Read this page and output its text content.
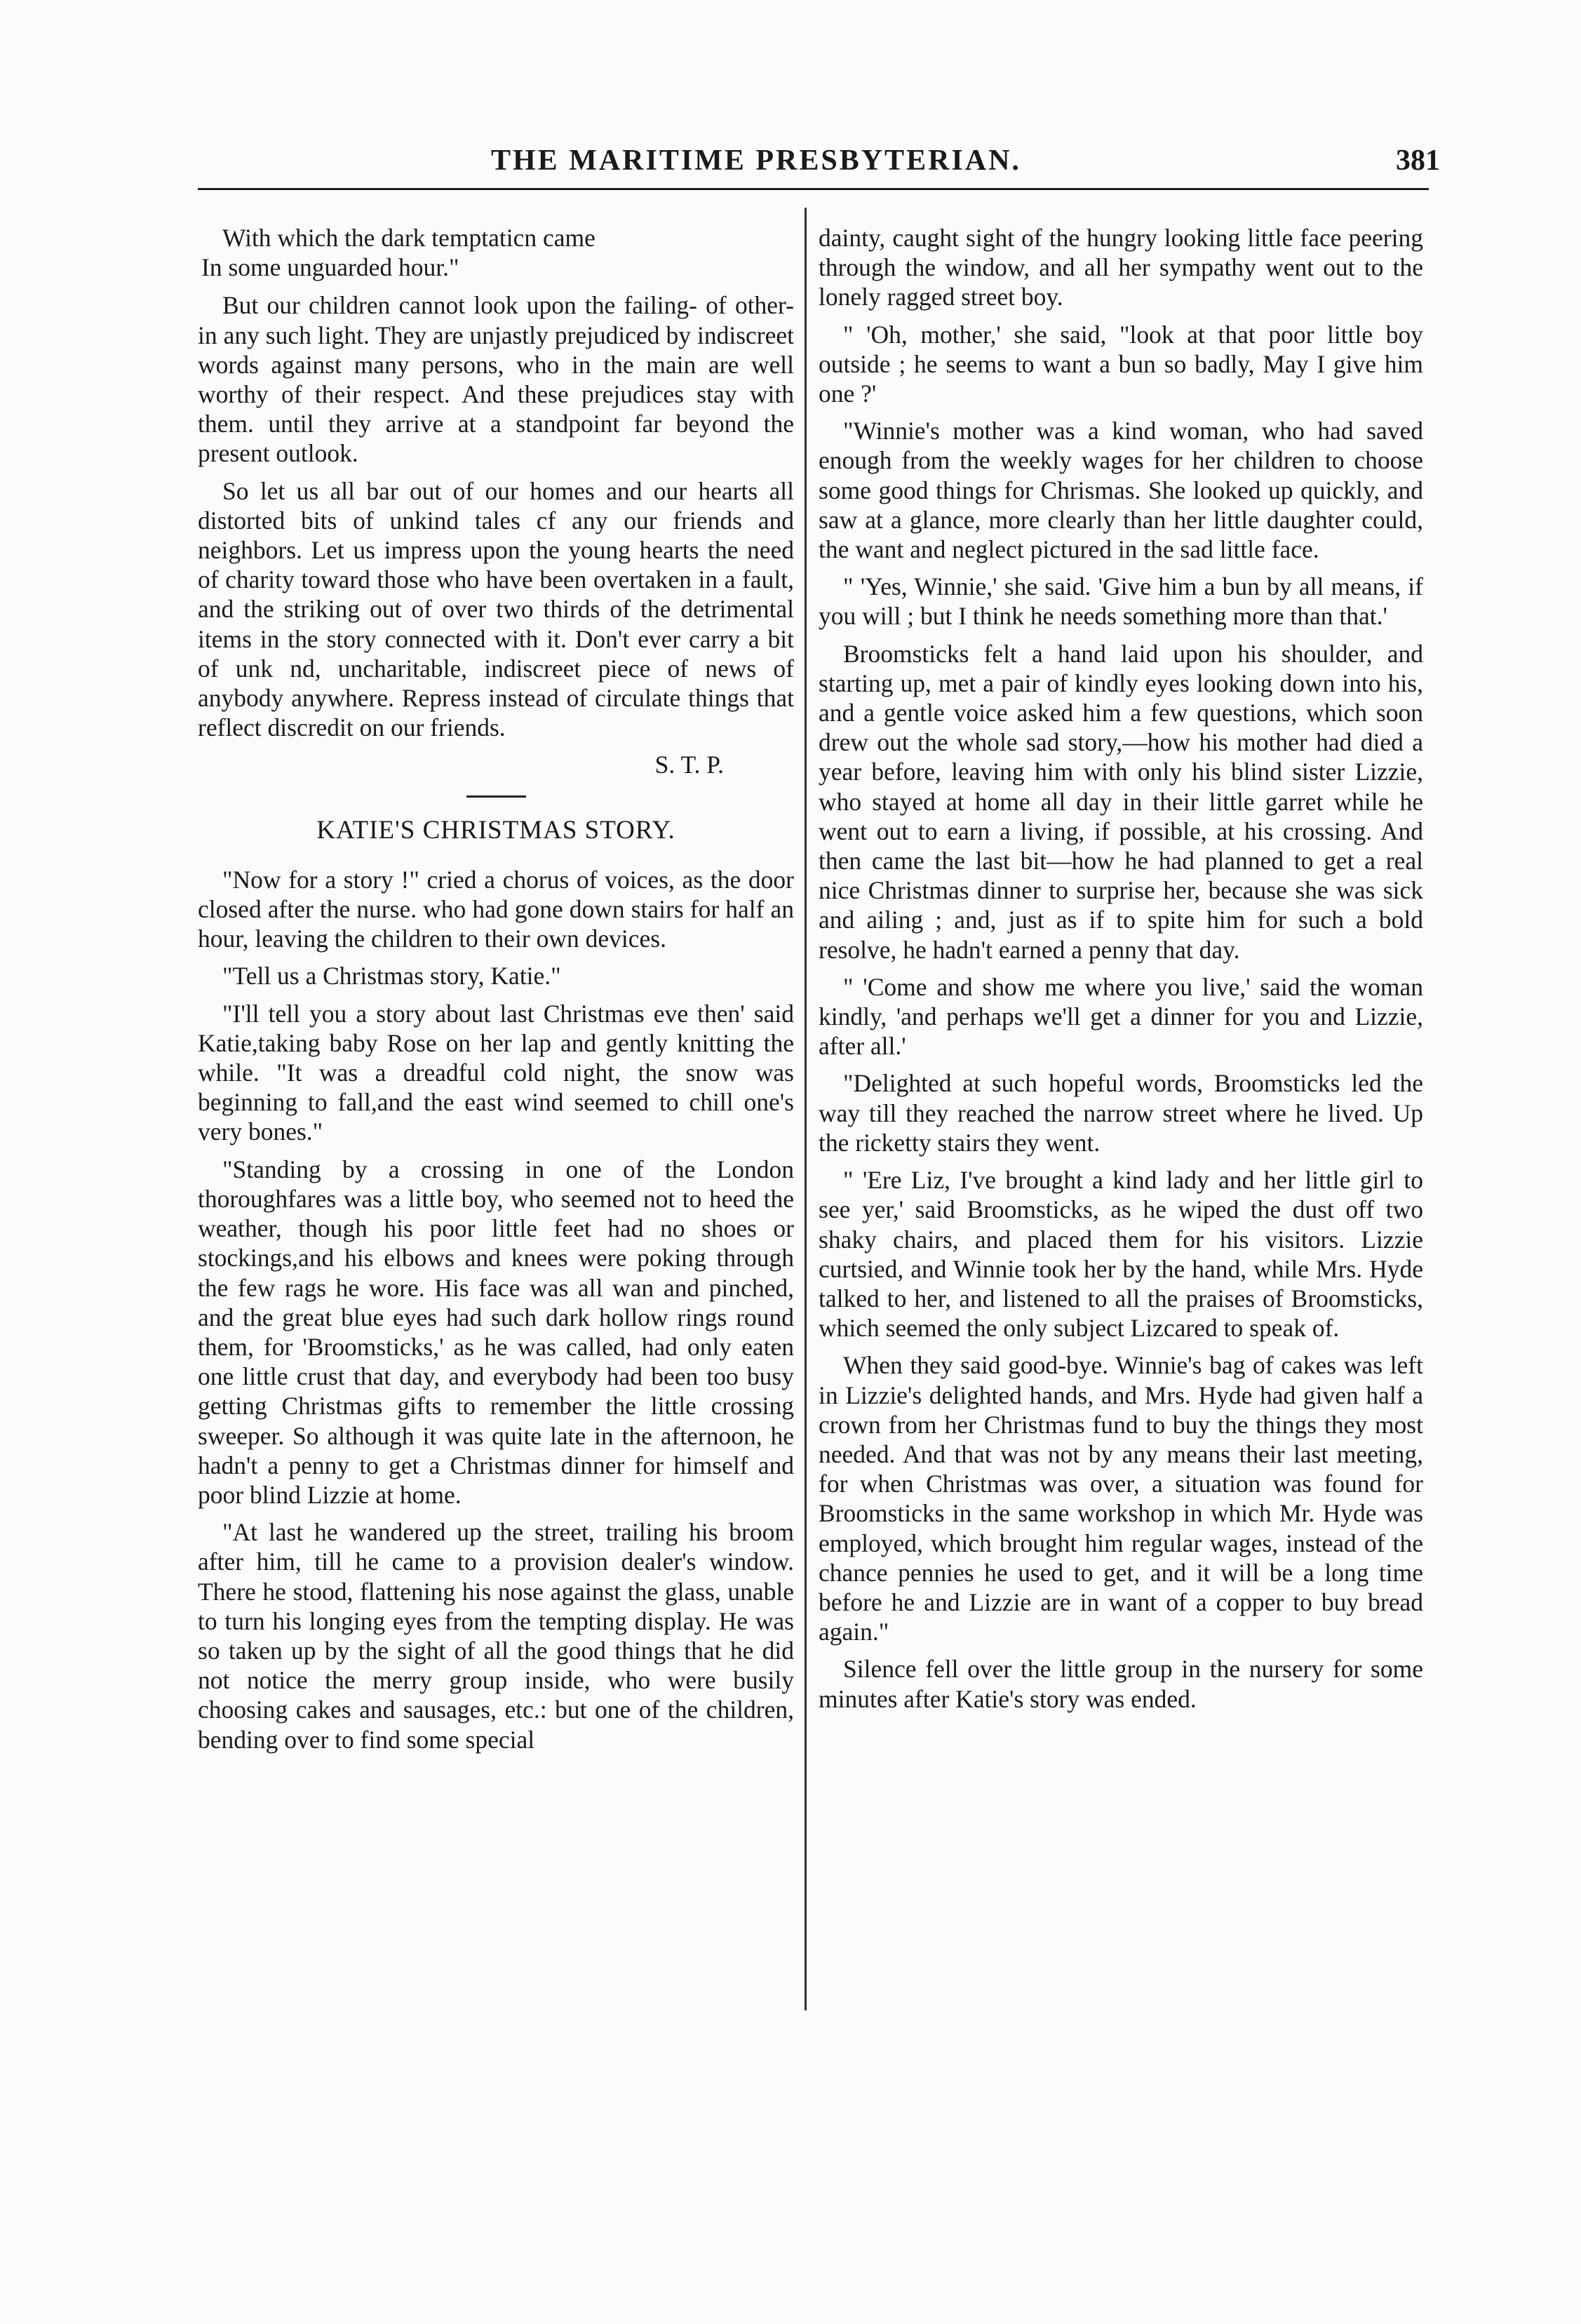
THE MARITIME PRESBYTERIAN.	381
With which the dark temptaticn came
In some unguarded hour."

But our children cannot look upon the failing- of other- in any such light. They are unjastly prejudiced by indiscreet words against many persons, who in the main are well worthy of their respect. And these prejudices stay with them. until they arrive at a standpoint far beyond the present outlook.

So let us all bar out of our homes and our hearts all distorted bits of unkind tales cf any our friends and neighbors. Let us impress upon the young hearts the need of charity toward those who have been overtaken in a fault, and the striking out of over two thirds of the detrimental items in the story connected with it. Don't ever carry a bit of unk nd, uncharitable, indiscreet piece of news of anybody anywhere. Repress instead of circulate things that reflect discredit on our friends.

S. T. P.
KATIE'S CHRISTMAS STORY.

"Now for a story !" cried a chorus of voices, as the door closed after the nurse. who had gone down stairs for half an hour, leaving the children to their own devices.

"Tell us a Christmas story, Katie."

"I'll tell you a story about last Christmas eve then' said Katie,taking baby Rose on her lap and gently knitting the while. "It was a dreadful cold night, the snow was beginning to fall,and the east wind seemed to chill one's very bones."

"Standing by a crossing in one of the London thoroughfares was a little boy, who seemed not to heed the weather, though his poor little feet had no shoes or stockings,and his elbows and knees were poking through the few rags he wore. His face was all wan and pinched, and the great blue eyes had such dark hollow rings round them, for 'Broomsticks,' as he was called, had only eaten one little crust that day, and everybody had been too busy getting Christmas gifts to remember the little crossing sweeper. So although it was quite late in the afternoon, he hadn't a penny to get a Christmas dinner for himself and poor blind Lizzie at home.

"At last he wandered up the street, trailing his broom after him, till he came to a provision dealer's window. There he stood, flattening his nose against the glass, unable to turn his longing eyes from the tempting display. He was so taken up by the sight of all the good things that he did not notice the merry group inside, who were busily choosing cakes and sausages, etc.: but one of the children, bending over to find some special

dainty, caught sight of the hungry looking little face peering through the window, and all her sympathy went out to the lonely ragged street boy.

" 'Oh, mother,' she said, "look at that poor little boy outside ; he seems to want a bun so badly, May I give him one ?'

"Winnie's mother was a kind woman, who had saved enough from the weekly wages for her children to choose some good things for Chrismas. She looked up quickly, and saw at a glance, more clearly than her little daughter could, the want and neglect pictured in the sad little face.

" 'Yes, Winnie,' she said. 'Give him a bun by all means, if you will ; but I think he needs something more than that.'

Broomsticks felt a hand laid upon his shoulder, and starting up, met a pair of kindly eyes looking down into his, and a gentle voice asked him a few questions, which soon drew out the whole sad story,—how his mother had died a year before, leaving him with only his blind sister Lizzie, who stayed at home all day in their little garret while he went out to earn a living, if possible, at his crossing. And then came the last bit—how he had planned to get a real nice Christmas dinner to surprise her, because she was sick and ailing ; and, just as if to spite him for such a bold resolve, he hadn't earned a penny that day.

" 'Come and show me where you live,' said the woman kindly, 'and perhaps we'll get a dinner for you and Lizzie, after all.'

"Delighted at such hopeful words, Broomsticks led the way till they reached the narrow street where he lived. Up the ricketty stairs they went.

" 'Ere Liz, I've brought a kind lady and her little girl to see yer,' said Broomsticks, as he wiped the dust off two shaky chairs, and placed them for his visitors. Lizzie curtsied, and Winnie took her by the hand, while Mrs. Hyde talked to her, and listened to all the praises of Broomsticks, which seemed the only subject Lizcared to speak of.

When they said good-bye. Winnie's bag of cakes was left in Lizzie's delighted hands, and Mrs. Hyde had given half a crown from her Christmas fund to buy the things they most needed. And that was not by any means their last meeting, for when Christmas was over, a situation was found for Broomsticks in the same workshop in which Mr. Hyde was employed, which brought him regular wages, instead of the chance pennies he used to get, and it will be a long time before he and Lizzie are in want of a copper to buy bread again."

Silence fell over the little group in the nursery for some minutes after Katie's story was ended.
